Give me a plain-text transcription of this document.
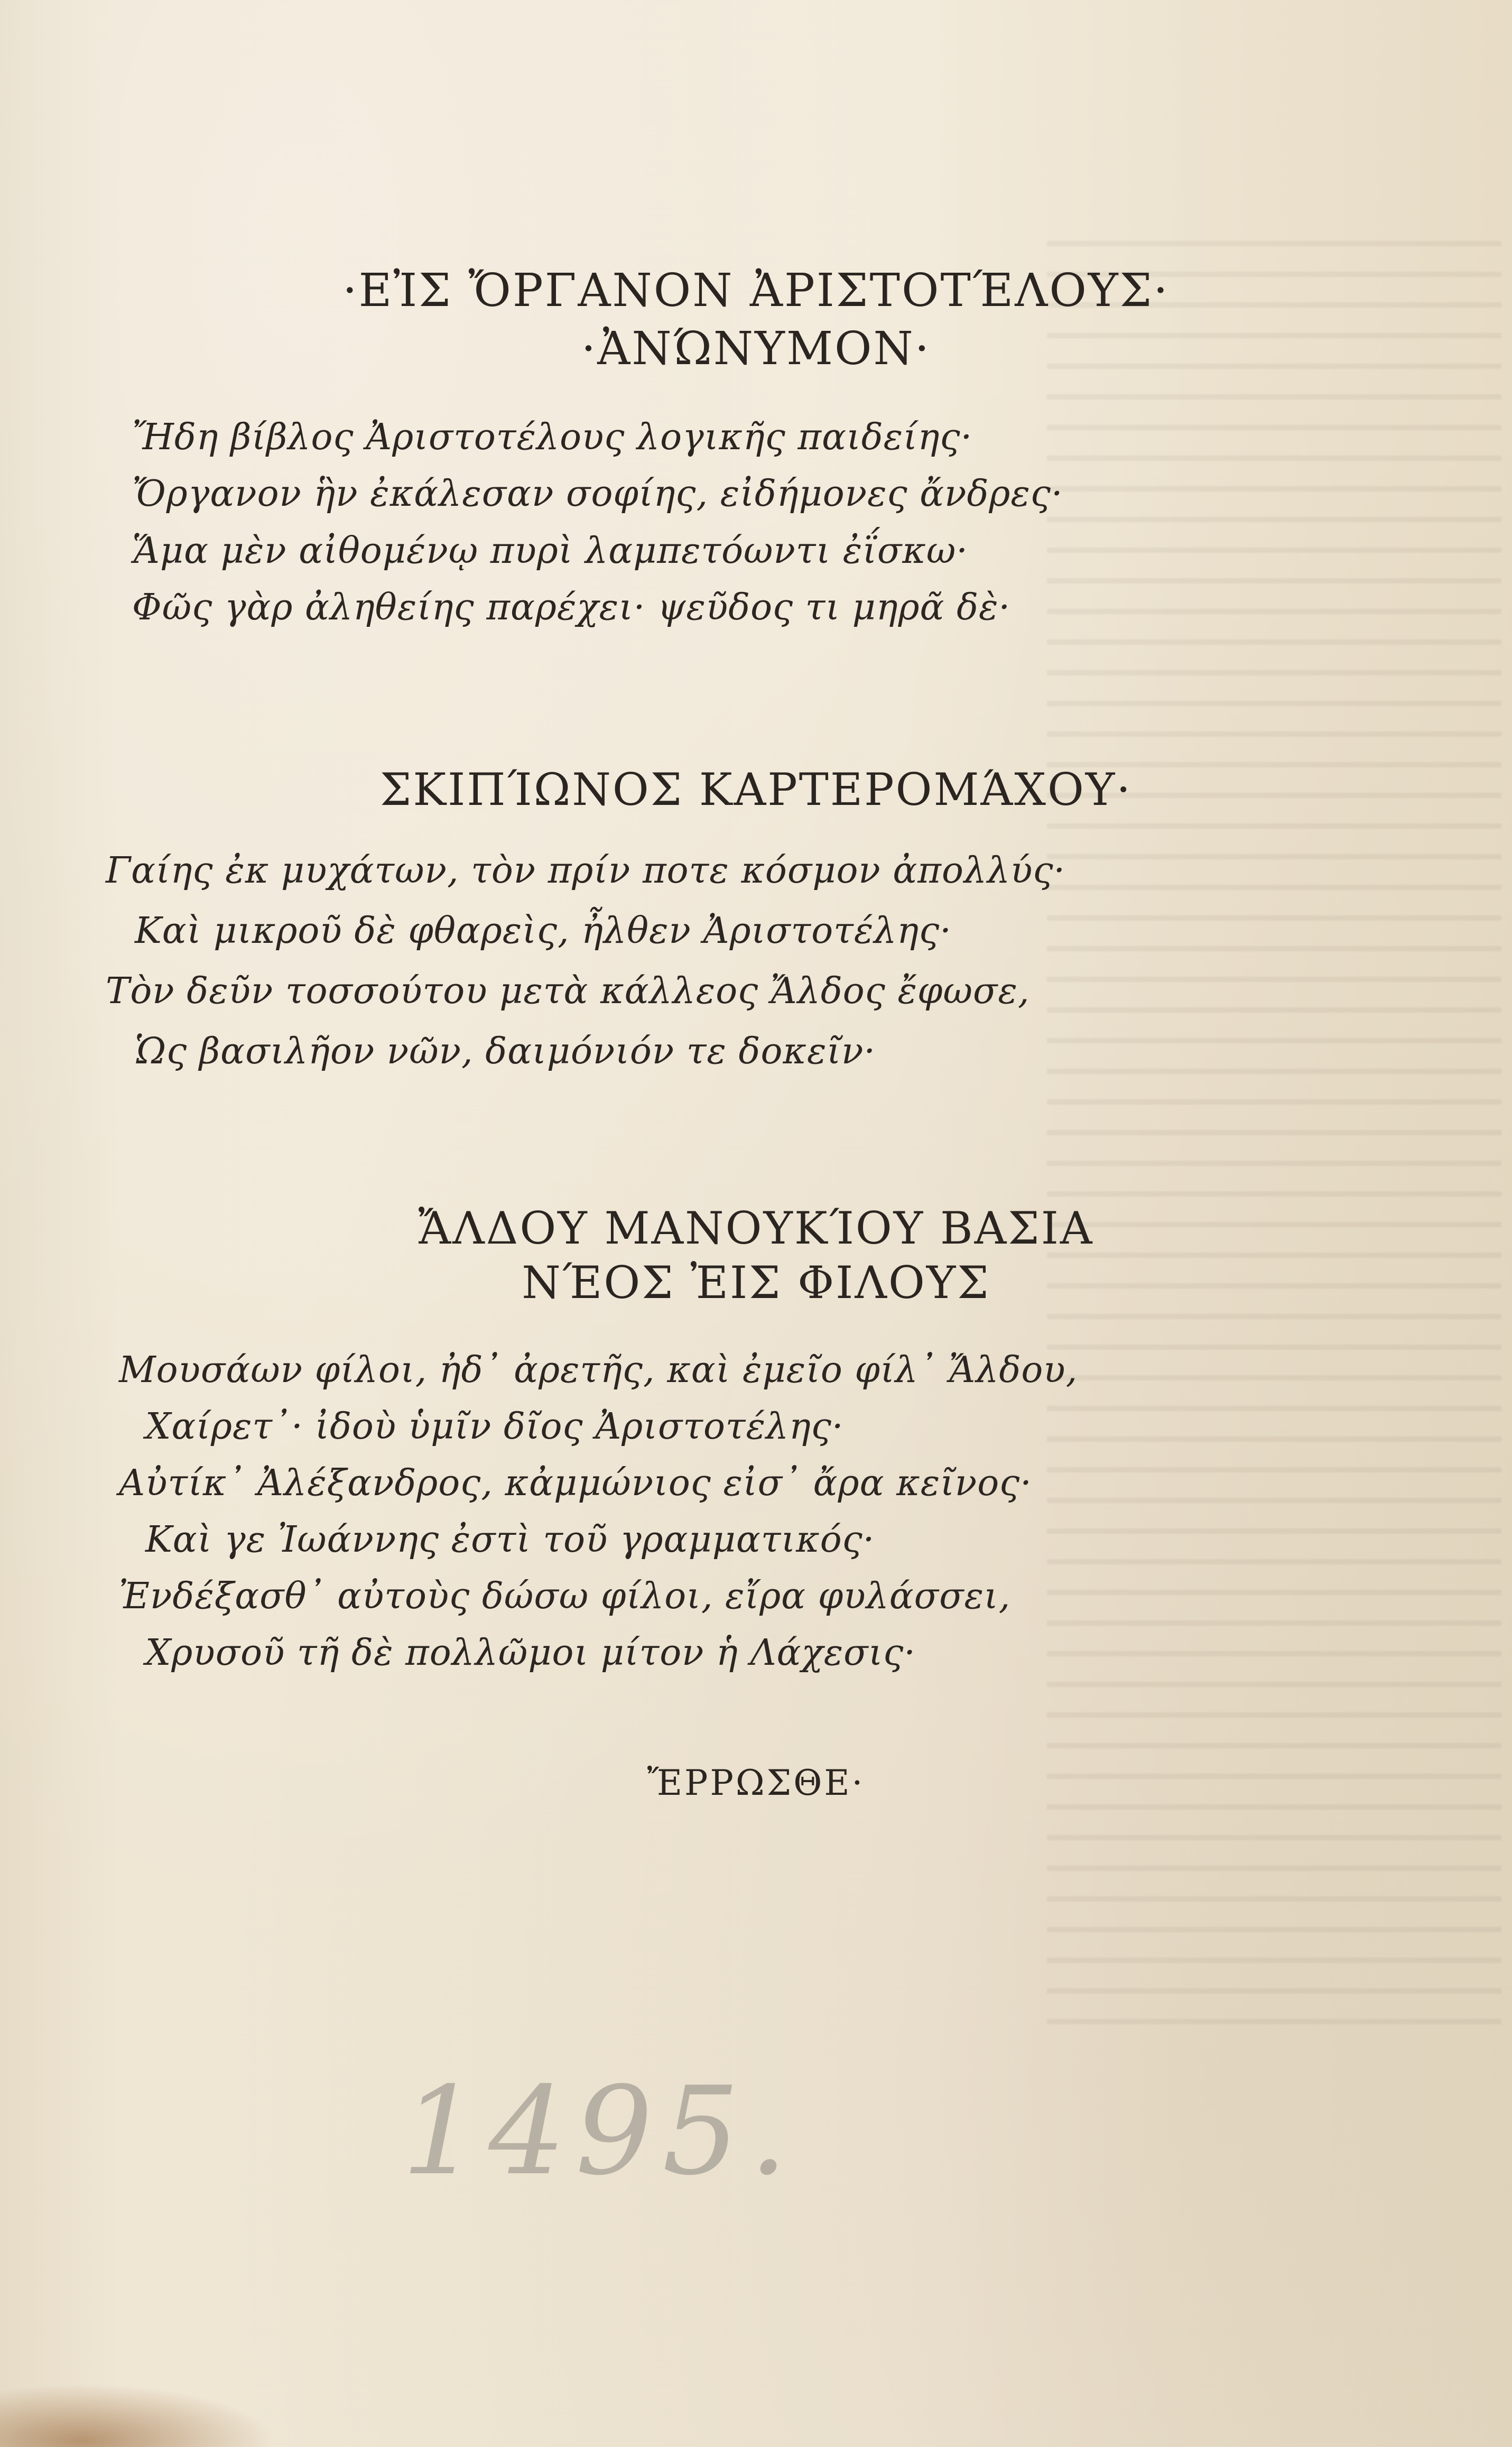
·ΕἸΣ ὌΡΓΑΝΟΝ ἈΡΙΣΤΟΤΈΛΟΥΣ·
·ἈΝΏΝΥΜΟΝ·
Ἤδη βίβλος Ἀριστοτέλους λογικῆς παιδείης·
Ὄργανον ἣν ἐκάλεσαν σοφίης, εἰδήμονες ἄνδρες·
Ἅμα μὲν αἰθομένῳ πυρὶ λαμπετόωντι ἐΐσκω·
Φῶς γὰρ ἀληθείης παρέχει· ψεῦδος τι μηρᾶ δὲ·
ΣΚΙΠΊΩΝΟΣ ΚΑΡΤΕΡΟΜΆΧΟΥ·
Γαίης ἐκ μυχάτων, τὸν πρίν ποτε κόσμον ἀπολλύς·
Καὶ μικροῦ δὲ φθαρεὶς, ἦλθεν Ἀριστοτέλης·
Τὸν δεῦν τοσσούτου μετὰ κάλλεος Ἄλδος ἔφωσε,
Ὡς βασιλῆον νῶν, δαιμόνιόν τε δοκεῖν·
ἌΛΔΟΥ ΜΑΝΟΥΚΊΟΥ ΒΑΣΙΑ
ΝΈΟΣ ἘΙΣ ΦΙΛΟΥΣ
Μουσάων φίλοι, ἠδ᾽ ἀρετῆς, καὶ ἐμεῖο φίλ᾽ Ἄλδου,
Χαίρετ᾽· ἰδοὺ ὑμῖν δῖος Ἀριστοτέλης·
Αὐτίκ᾽ Ἀλέξανδρος, κἀμμώνιος εἰσ᾽ ἄρα κεῖνος·
Καὶ γε Ἰωάννης ἐστὶ τοῦ γραμματικός·
Ἐνδέξασθ᾽ αὐτοὺς δώσω φίλοι, εἴρα φυλάσσει,
Χρυσοῦ τῆ δὲ πολλῶμοι μίτον ἡ Λάχεσις·
ἜΡΡΩΣΘΕ·
1495.
